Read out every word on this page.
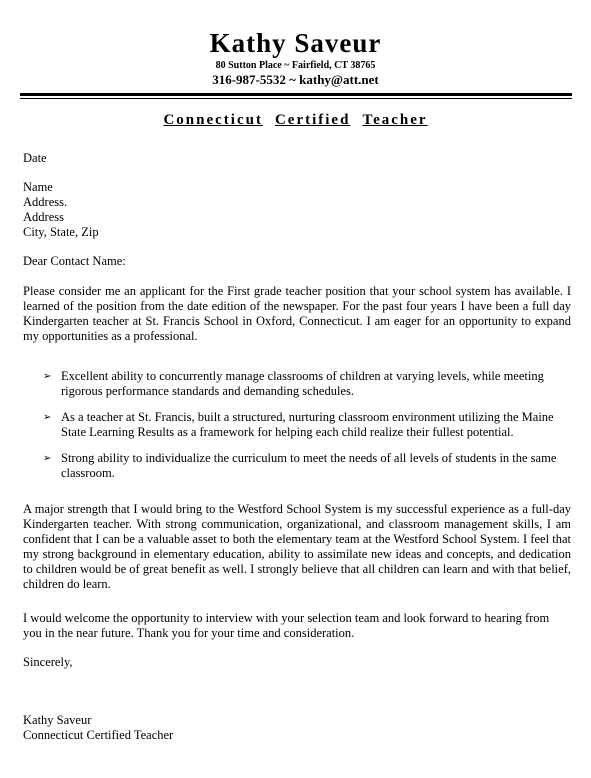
Kathy Saveur
80 Sutton Place ~ Fairfield, CT 38765
316-987-5532 ~ kathy@att.net
Connecticut Certified Teacher
Date
Name
Address.
Address
City, State, Zip
Dear Contact Name:
Please consider me an applicant for the First grade teacher position that your school system has available. I learned of the position from the date edition of the newspaper. For the past four years I have been a full day Kindergarten teacher at St. Francis School in Oxford, Connecticut. I am eager for an opportunity to expand my opportunities as a professional.
➢ Excellent ability to concurrently manage classrooms of children at varying levels, while meeting rigorous performance standards and demanding schedules.
➢ As a teacher at St. Francis, built a structured, nurturing classroom environment utilizing the Maine State Learning Results as a framework for helping each child realize their fullest potential.
➢ Strong ability to individualize the curriculum to meet the needs of all levels of students in the same classroom.
A major strength that I would bring to the Westford School System is my successful experience as a full-day Kindergarten teacher. With strong communication, organizational, and classroom management skills, I am confident that I can be a valuable asset to both the elementary team at the Westford School System. I feel that my strong background in elementary education, ability to assimilate new ideas and concepts, and dedication to children would be of great benefit as well. I strongly believe that all children can learn and with that belief, children do learn.
I would welcome the opportunity to interview with your selection team and look forward to hearing from you in the near future. Thank you for your time and consideration.
Sincerely,
Kathy Saveur
Connecticut Certified Teacher
